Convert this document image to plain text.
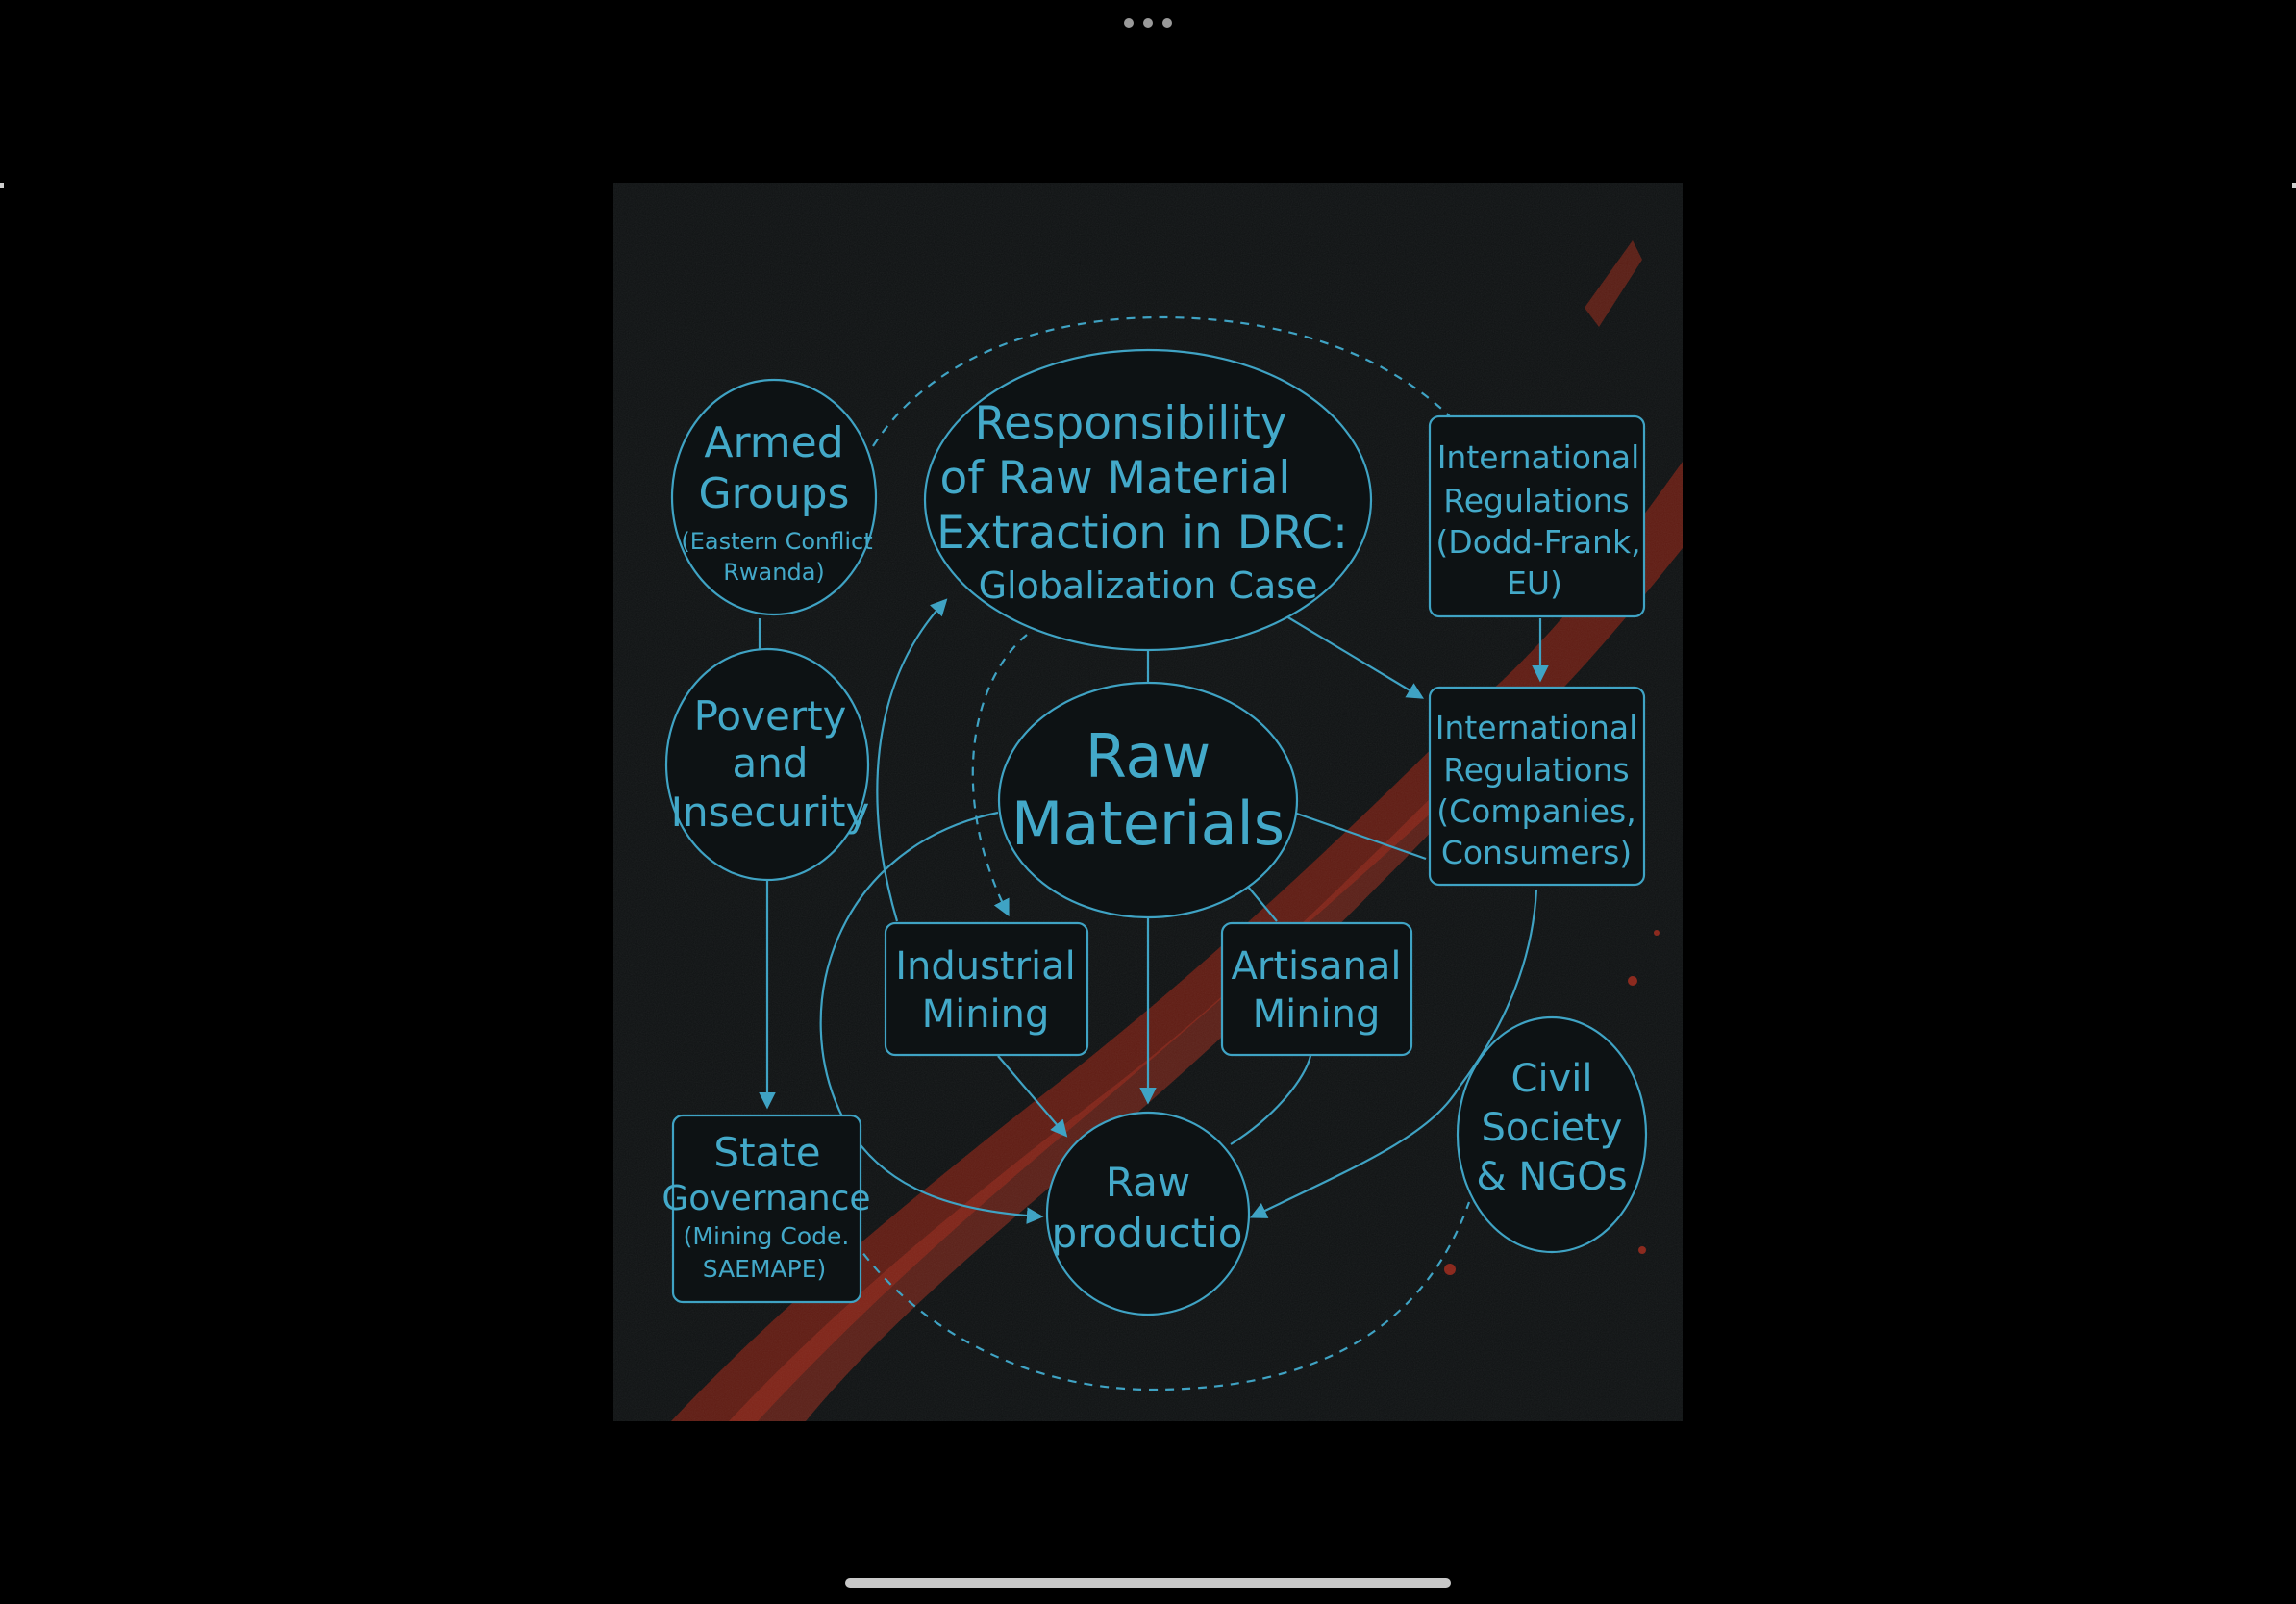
Responsibility
of Raw Material
Extraction in DRC:
Globalization Case
Armed
Groups
(Eastern Conflict
Rwanda)
Poverty
and
Insecurity
State
Governance
(Mining Code.
SAEMAPE)
Raw
Materials
Industrial
Mining
Artisanal
Mining
Raw
productio
International
Regulations
(Dodd-Frank,
EU)
International
Regulations
(Companies,
Consumers)
Civil
Society
& NGOs
